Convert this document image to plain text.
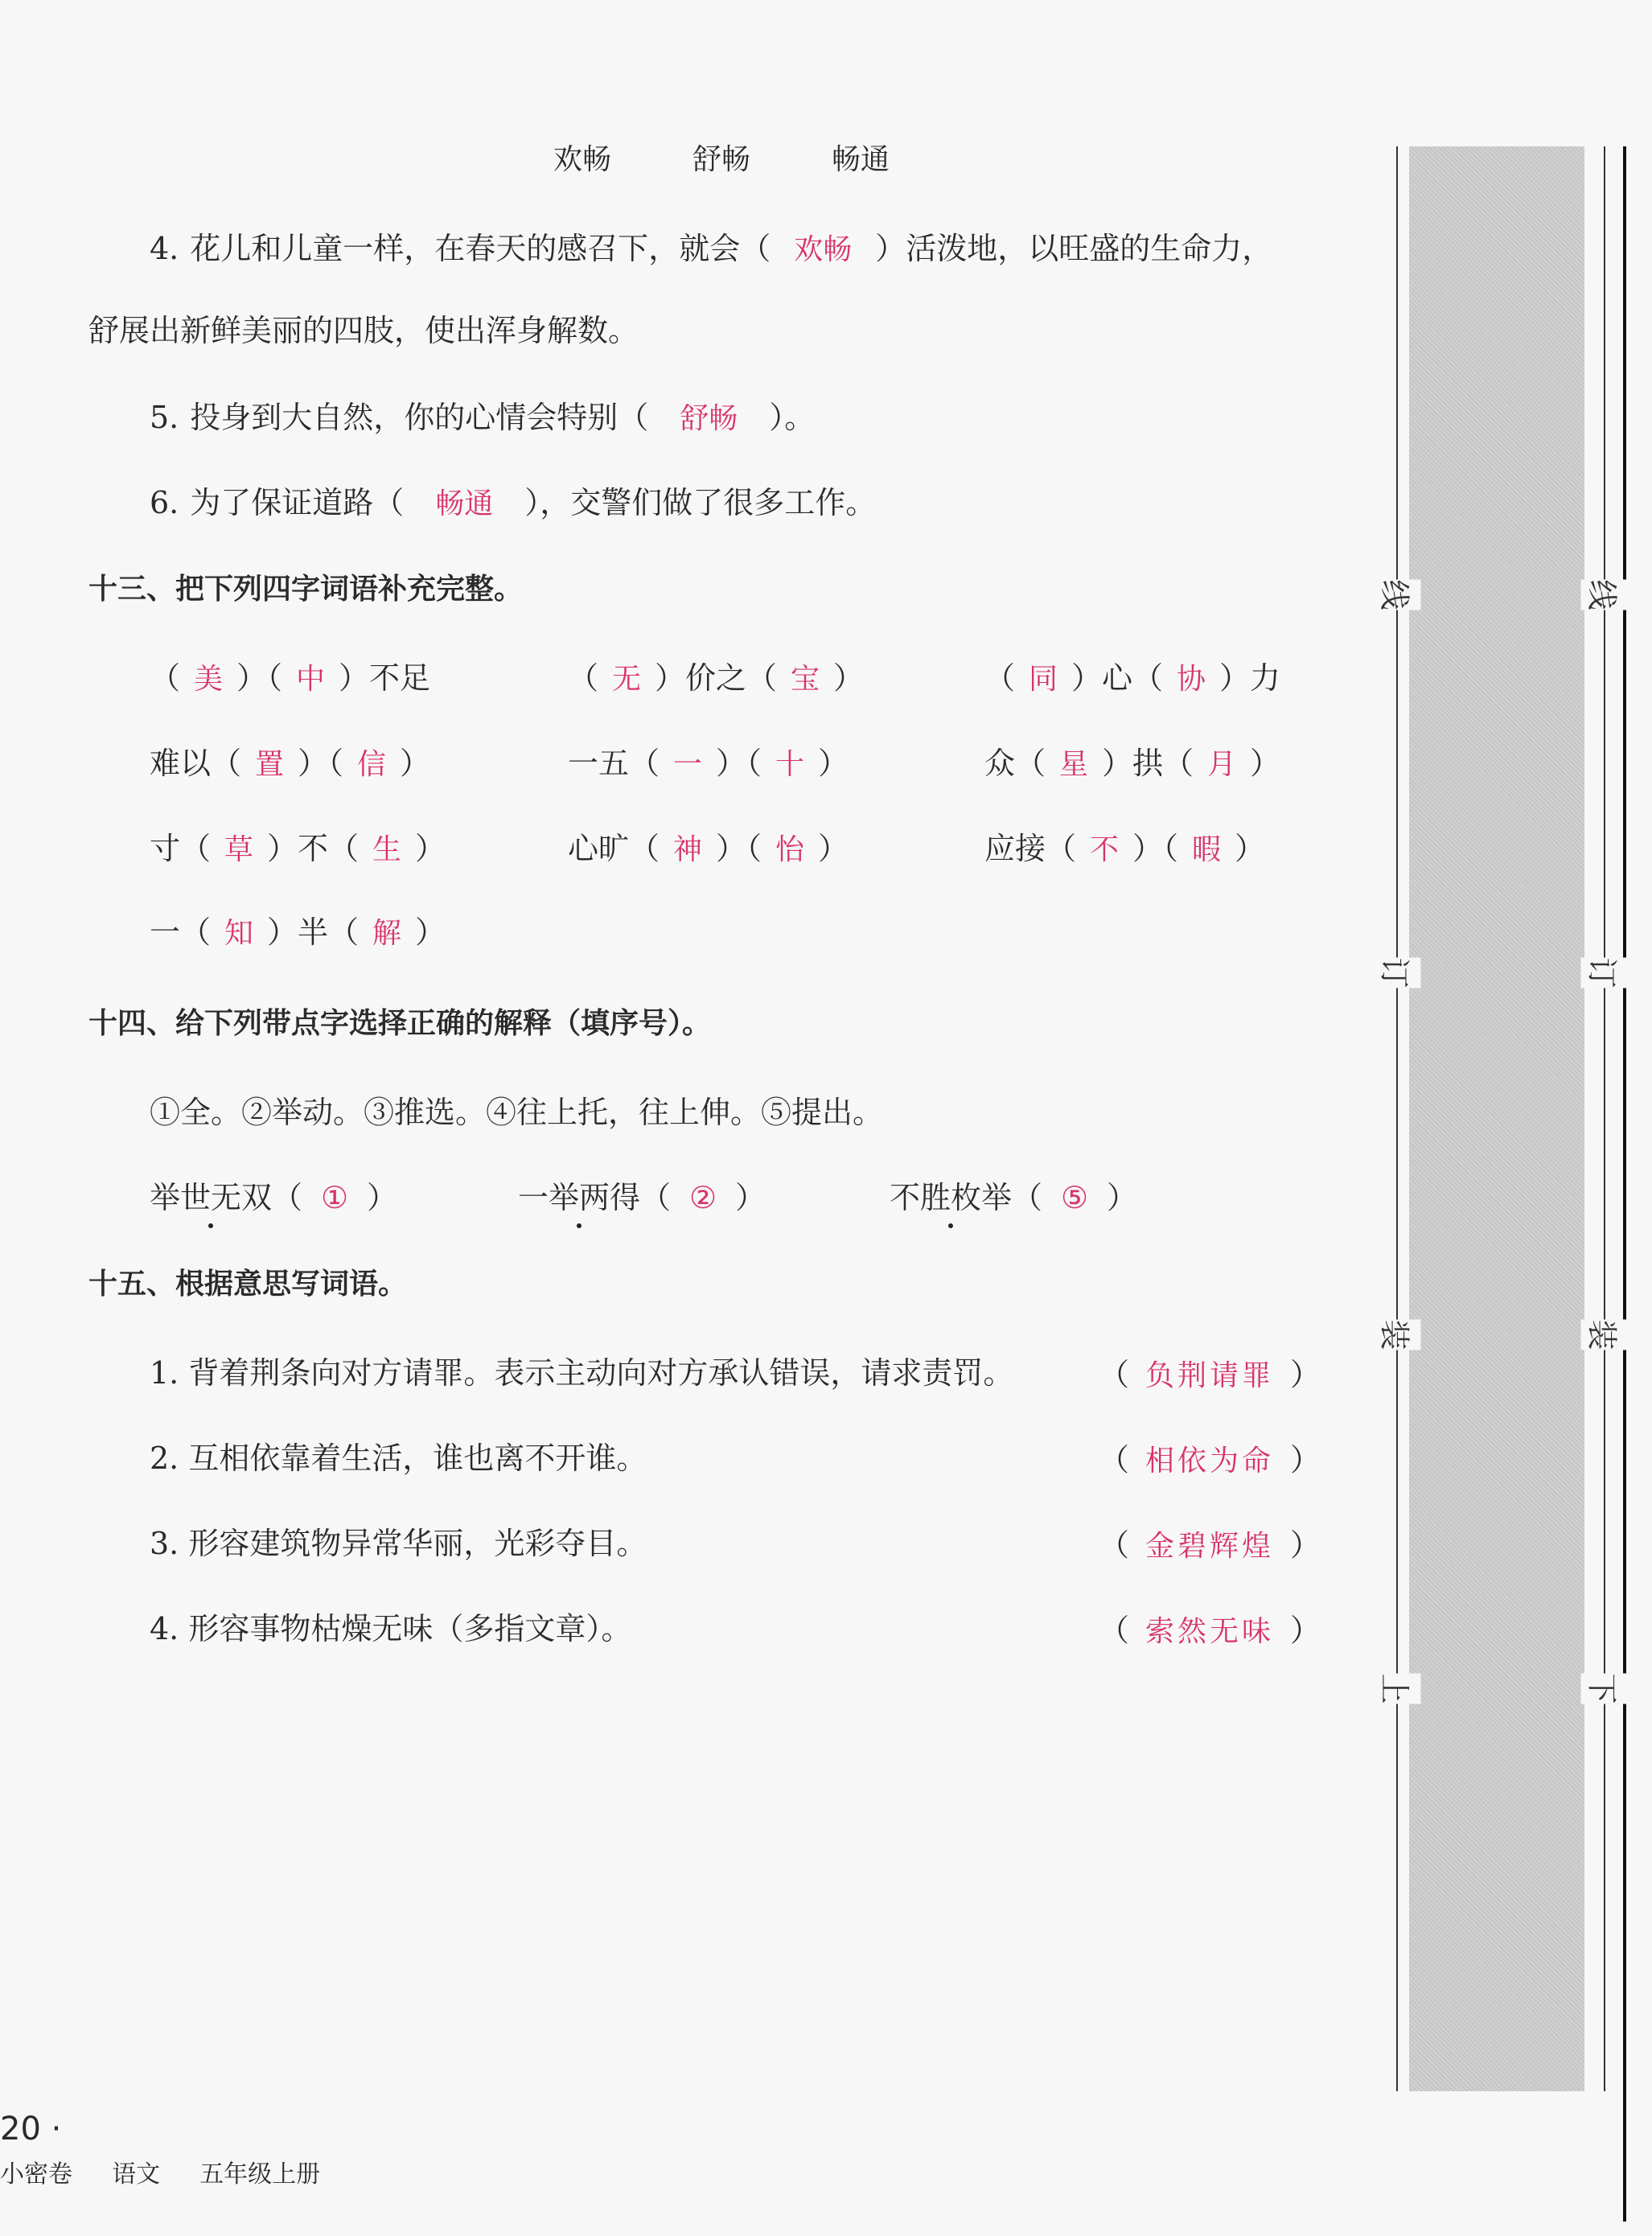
欢畅	舒畅	畅通
4. 花儿和儿童一样，在春天的感召下，就会（ 欢畅 ）活泼地，以旺盛的生命力，
舒展出新鲜美丽的四肢，使出浑身解数。
5. 投身到大自然，你的心情会特别（	舒畅	）。
6. 为了保证道路（	畅通	），交警们做了很多工作。
十三、把下列四字词语补充完整。
（ 美 ）（ 中 ）不足	（ 无 ）价之（ 宝 ）	（ 同 ）心（ 协 ）力
难以（ 置 ）（ 信 ）	一五（ 一 ）（ 十 ）	众（ 星 ）拱（ 月 ）
寸（ 草 ）不（ 生 ）	心旷（ 神 ）（ 怡 ）	应接（ 不 ）（ 暇 ）
一（ 知 ）半（ 解 ）
十四、给下列带点字选择正确的解释（填序号）。
①全。②举动。③推选。④往上托，往上伸。⑤提出。
举世无双 （ ① ）	一举两得 （ ② ）	不胜枚举 （ ⑤ ）
十五、根据意思写词语。
1. 背着荆条向对方请罪。表示主动向对方承认错误，请求责罚。	（ 负荆请罪 ）
2. 互相依靠着生活，谁也离不开谁。	（ 相依为命 ）
3. 形容建筑物异常华丽，光彩夺目。	（ 金碧辉煌 ）
4. 形容事物枯燥无味（多指文章）。	（ 索然无味 ）
线	线
订	订
装	装
上	下
20 ·
小密卷 语文 五年级上册
